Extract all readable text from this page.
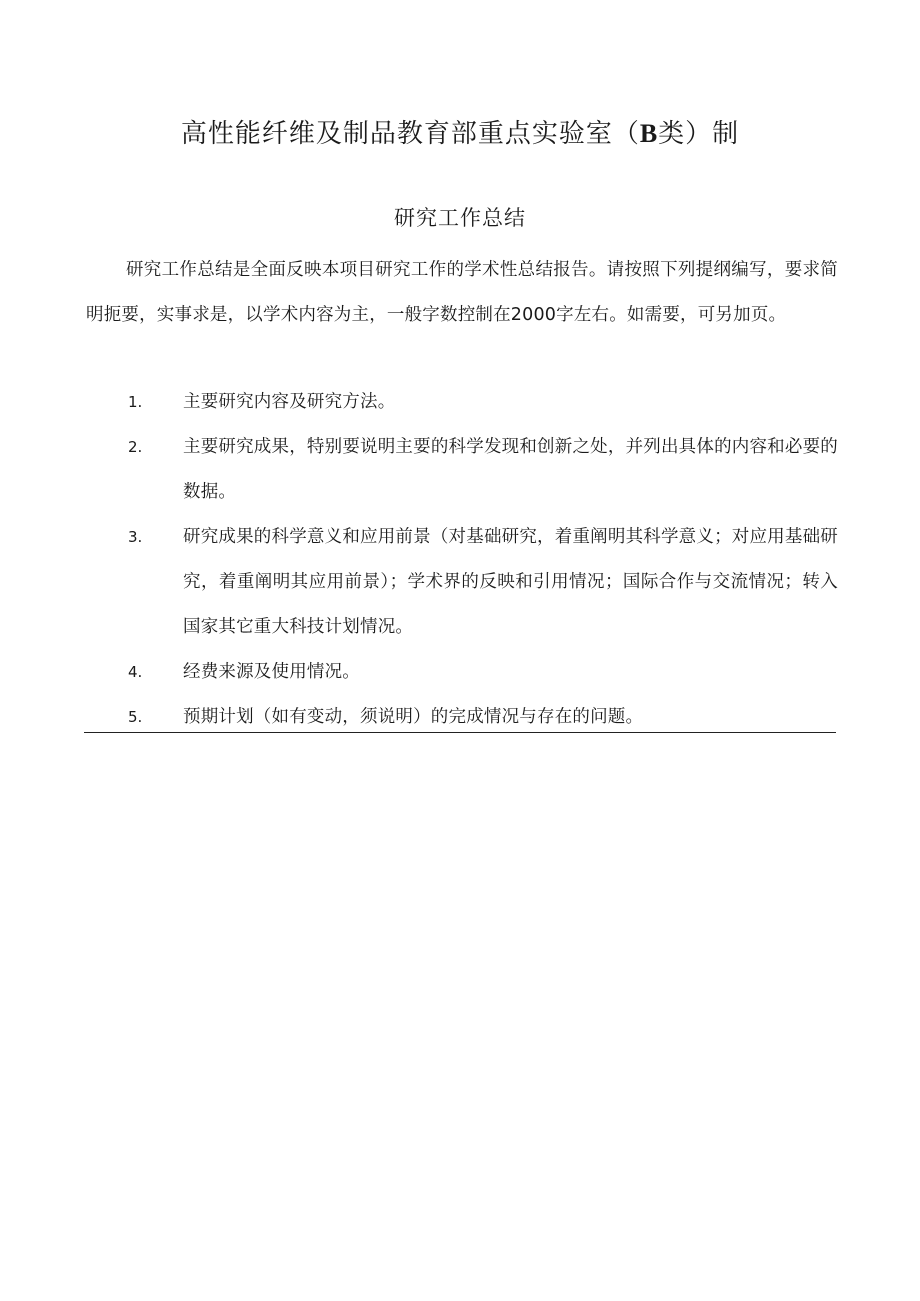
高性能纤维及制品教育部重点实验室（B类）制
研究工作总结

研究工作总结是全面反映本项目研究工作的学术性总结报告。请按照下列提纲编写，要求简明扼要，实事求是，以学术内容为主，一般字数控制在2000字左右。如需要，可另加页。

1.	主要研究内容及研究方法。
2.	主要研究成果，特别要说明主要的科学发现和创新之处，并列出具体的内容和必要的数据。
3.	研究成果的科学意义和应用前景（对基础研究，着重阐明其科学意义；对应用基础研究，着重阐明其应用前景）；学术界的反映和引用情况；国际合作与交流情况；转入国家其它重大科技计划情况。
4.	经费来源及使用情况。
5.	预期计划（如有变动，须说明）的完成情况与存在的问题。
